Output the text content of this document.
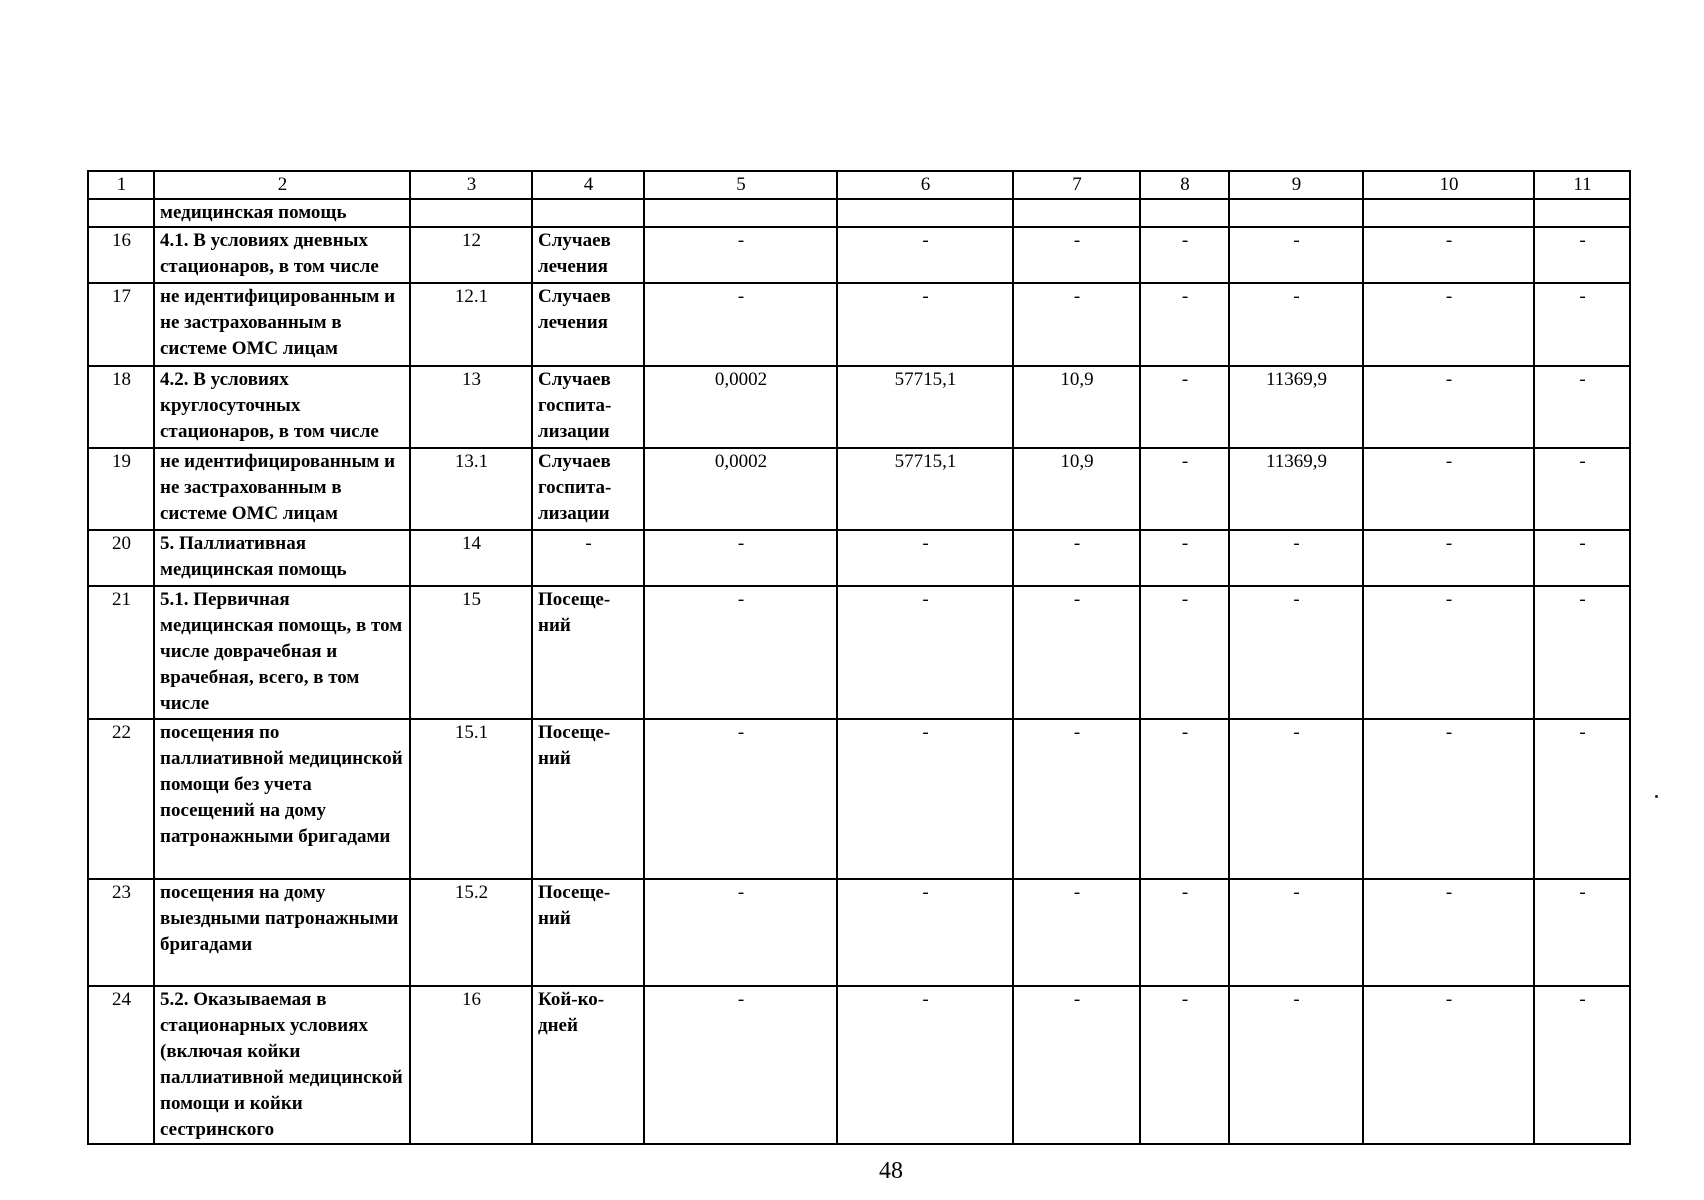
1	2	3	4	5	6	7	8	9	10	11
	медицинская помощь									
16	4.1. В условиях дневных стационаров, в том числе	12	Случаев лечения	-	-	-	-	-	-	-
17	не идентифицированным и не застрахованным в системе ОМС лицам	12.1	Случаев лечения	-	-	-	-	-	-	-
18	4.2. В условиях круглосуточных стационаров, в том числе	13	Случаев госпита-лизации	0,0002	57715,1	10,9	-	11369,9	-	-
19	не идентифицированным и не застрахованным в системе ОМС лицам	13.1	Случаев госпита-лизации	0,0002	57715,1	10,9	-	11369,9	-	-
20	5. Паллиативная медицинская помощь	14	-	-	-	-	-	-	-	-
21	5.1. Первичная медицинская помощь, в том числе доврачебная и врачебная, всего, в том числе	15	Посеще-ний	-	-	-	-	-	-	-
22	посещения по паллиативной медицинской помощи без учета посещений на дому патронажными бригадами	15.1	Посеще-ний	-	-	-	-	-	-	-
23	посещения на дому выездными патронажными бригадами	15.2	Посеще-ний	-	-	-	-	-	-	-
24	5.2. Оказываемая в стационарных условиях (включая койки паллиативной медицинской помощи и койки сестринского	16	Кой-ко-дней	-	-	-	-	-	-	-
48
